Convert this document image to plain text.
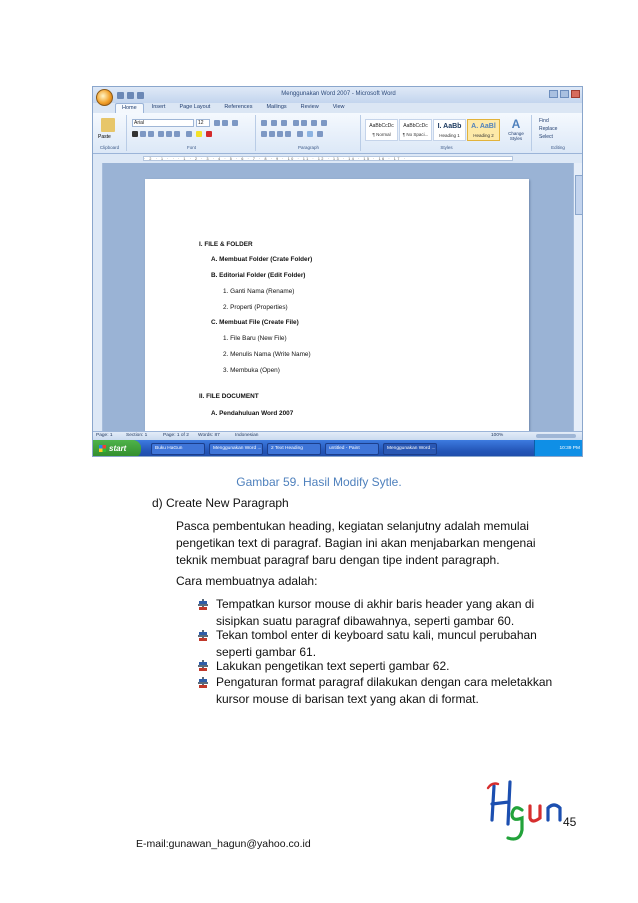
Menggunakan Word 2007 - Microsoft Word
Home	Insert	Page Layout	References	Mailings	Review	View
Paste
Clipboard
Arial	12
Font	Paragraph
AaBbCcDc
¶ Normal
AaBbCcDc
¶ No Spaci...
I. AaBb
Heading 1
A. AaBl
Heading 2
A
Change Styles
Styles
Find
Replace
Select
Editing
· 2 · 1 · · · 1 · 2 · 3 · 4 · 5 · 6 · 7 · 8 · 9 · 10 · 11 · 12 · 13 · 14 · 15 · 16 · 17 ·
I. FILE & FOLDER
A. Membuat Folder (Crate Folder)
B. Editorial Folder (Edit Folder)
1. Ganti Nama (Rename)
2. Properti (Properties)
C. Membuat File (Create File)
1. File Baru (New File)
2. Menulis Nama (Write Name)
3. Membuka (Open)
II. FILE DOCUMENT
A. Pendahuluan Word 2007
Page: 1	Section: 1	Page: 1 of 2 Words: 87	Indonesian	100%
start	Buku HaGun	Menggunakan Word ...	2 Text Heading	untitled - Paint	Menggunakan Word ...	10:39 PM
Gambar 59. Hasil Modify Sytle.
d) Create New Paragraph
Pasca pembentukan heading, kegiatan selanjutny adalah memulai
pengetikan text di paragraf. Bagian ini akan menjabarkan mengenai
teknik membuat paragraf baru dengan tipe indent paragraph.
Cara membuatnya adalah:
Tempatkan kursor mouse di akhir baris header yang akan di
sisipkan suatu paragraf dibawahnya, seperti gambar 60.
Tekan tombol enter di keyboard satu kali, muncul perubahan
seperti gambar 61.
Lakukan pengetikan text seperti gambar 62.
Pengaturan format paragraf dilakukan dengan cara meletakkan
kursor mouse di barisan text yang akan di format.
45
E-mail:gunawan_hagun@yahoo.co.id
